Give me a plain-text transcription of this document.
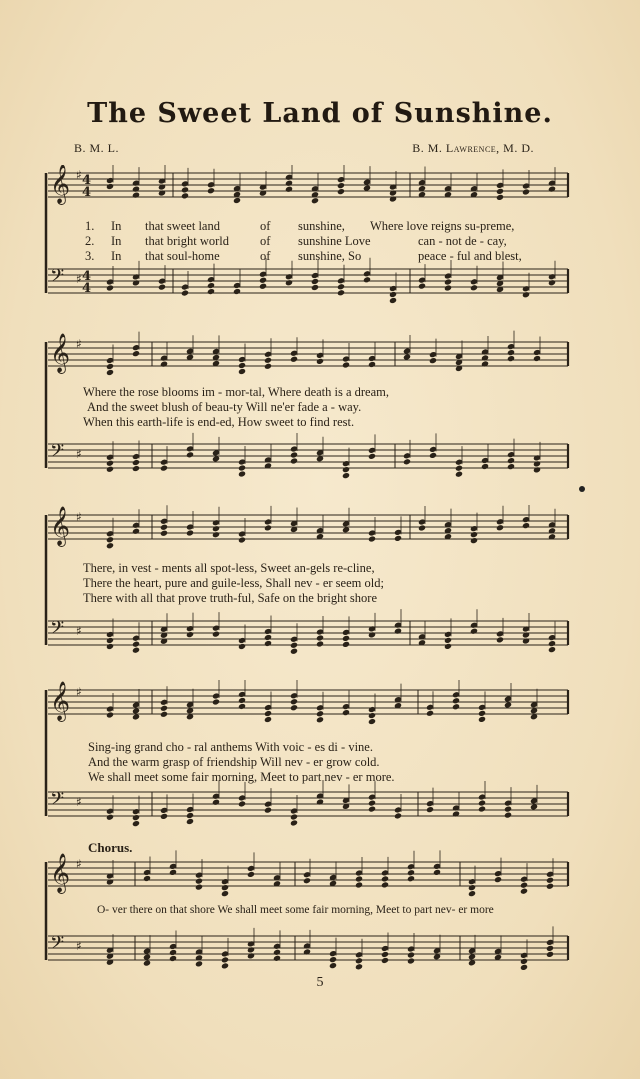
The Sweet Land of Sunshine.
B. M. L.	B. M. Lawrence, M. D.
𝄞 ♯
𝄢 ♯
4
4
4
4
1. In that sweet land	of sunshine, Where love reigns su-preme,
2. In that bright world of sunshine Love	can - not de - cay,
3. In that soul-home	of sunshine, So	peace - ful and blest,
𝄞 ♯
𝄢 ♯
Where the rose blooms im - mor-tal, Where death is a dream,
And the sweet blush of beau-ty Will ne'er fade a - way.
When this earth-life is end-ed, How sweet to find rest.
𝄞 ♯
𝄢 ♯
There, in vest - ments all spot-less, Sweet an-gels re-cline,
There the heart, pure and guile-less, Shall nev - er seem old;
There with all that prove truth-ful, Safe on the bright shore
𝄞 ♯
𝄢 ♯
Sing-ing grand cho - ral anthems With voic - es di - vine.
And the warm grasp of friendship Will nev - er grow cold.
We shall meet some fair morning, Meet to part nev - er more.
𝄞 ♯
𝄢 ♯
Chorus.
O- ver there on that shore We shall meet some fair morning, Meet to part nev- er more
5
